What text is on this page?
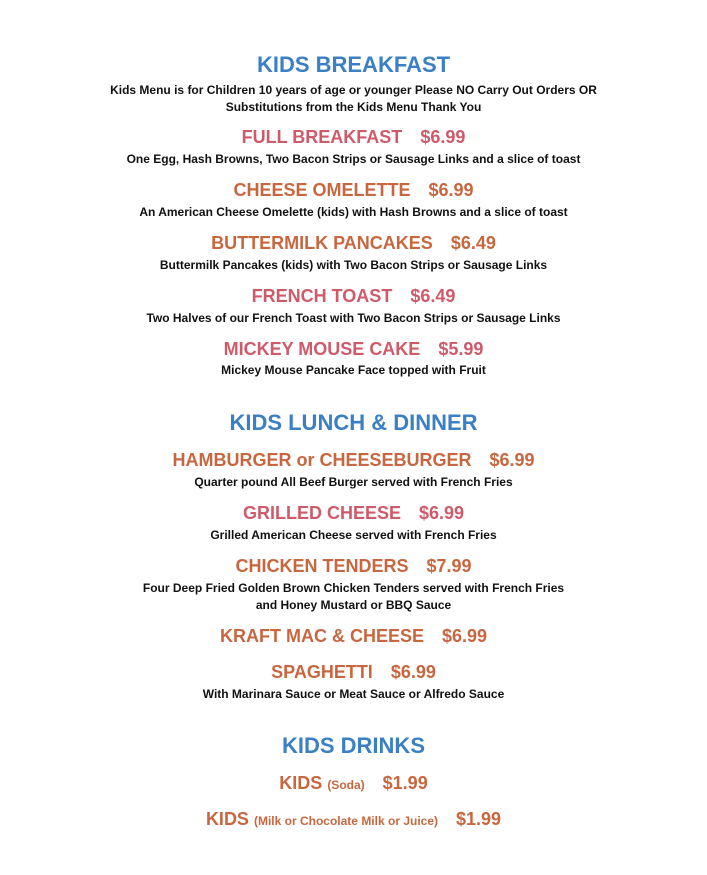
KIDS BREAKFAST
Kids Menu is for Children 10 years of age or younger Please NO Carry Out Orders OR
Substitutions from the Kids Menu Thank You
FULL BREAKFAST $6.99
One Egg, Hash Browns, Two Bacon Strips or Sausage Links and a slice of toast
CHEESE OMELETTE $6.99
An American Cheese Omelette (kids) with Hash Browns and a slice of toast
BUTTERMILK PANCAKES $6.49
Buttermilk Pancakes (kids) with Two Bacon Strips or Sausage Links
FRENCH TOAST $6.49
Two Halves of our French Toast with Two Bacon Strips or Sausage Links
MICKEY MOUSE CAKE $5.99
Mickey Mouse Pancake Face topped with Fruit
KIDS LUNCH & DINNER
HAMBURGER or CHEESEBURGER $6.99
Quarter pound All Beef Burger served with French Fries
GRILLED CHEESE $6.99
Grilled American Cheese served with French Fries
CHICKEN TENDERS $7.99
Four Deep Fried Golden Brown Chicken Tenders served with French Fries
and Honey Mustard or BBQ Sauce
KRAFT MAC & CHEESE $6.99
SPAGHETTI $6.99
With Marinara Sauce or Meat Sauce or Alfredo Sauce
KIDS DRINKS
KIDS (Soda) $1.99
KIDS (Milk or Chocolate Milk or Juice) $1.99
